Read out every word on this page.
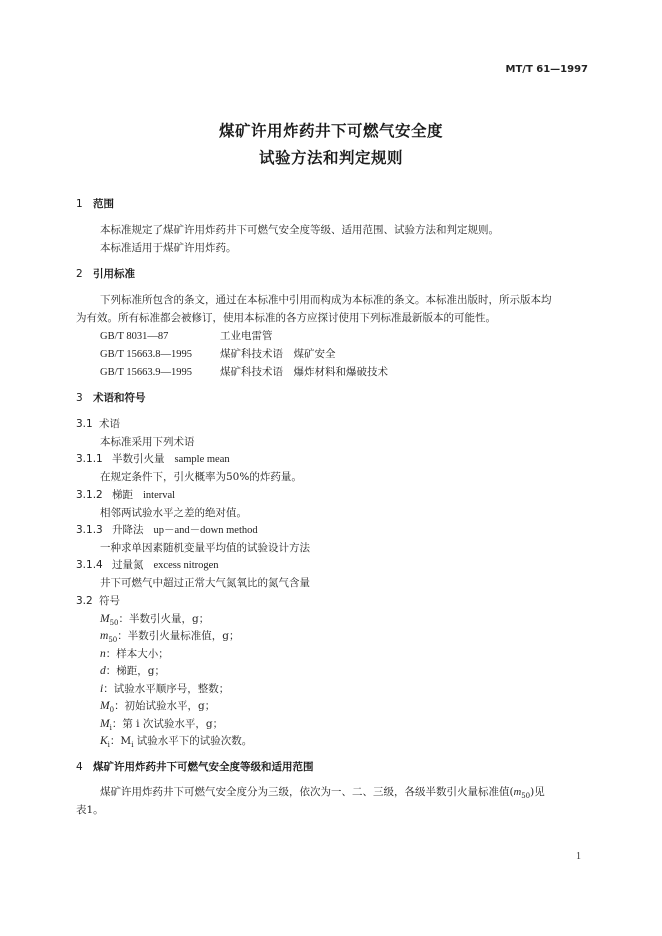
MT/T 61—1997
煤矿许用炸药井下可燃气安全度
试验方法和判定规则
1 范围
本标准规定了煤矿许用炸药井下可燃气安全度等级、适用范围、试验方法和判定规则。
本标准适用于煤矿许用炸药。
2 引用标准
下列标准所包含的条文，通过在本标准中引用而构成为本标准的条文。本标准出版时，所示版本均
为有效。所有标准都会被修订，使用本标准的各方应探讨使用下列标准最新版本的可能性。
GB/T 8031—87	工业电雷管
GB/T 15663.8—1995	煤矿科技术语　煤矿安全
GB/T 15663.9—1995	煤矿科技术语　爆炸材料和爆破技术
3 术语和符号
3.1 术语
本标准采用下列术语
3.1.1 半数引火量 sample mean
在规定条件下，引火概率为50%的炸药量。
3.1.2 梯距 interval
相邻两试验水平之差的绝对值。
3.1.3 升降法 up－and－down method
一种求单因素随机变量平均值的试验设计方法
3.1.4 过量氮 excess nitrogen
井下可燃气中超过正常大气氮氧比的氮气含量
3.2 符号
$M_{50}$：半数引火量，g；
$m_{50}$：半数引火量标准值，g；
n：样本大小；
d：梯距，g；
i：试验水平顺序号，整数；
$M_0$：初始试验水平，g；
$M_i$：第 i 次试验水平，g；
$K_i$：$M_i$ 试验水平下的试验次数。
4 煤矿许用炸药井下可燃气安全度等级和适用范围
煤矿许用炸药井下可燃气安全度分为三级，依次为一、二、三级，各级半数引火量标准值$(m_{50})$见
表1。
1
